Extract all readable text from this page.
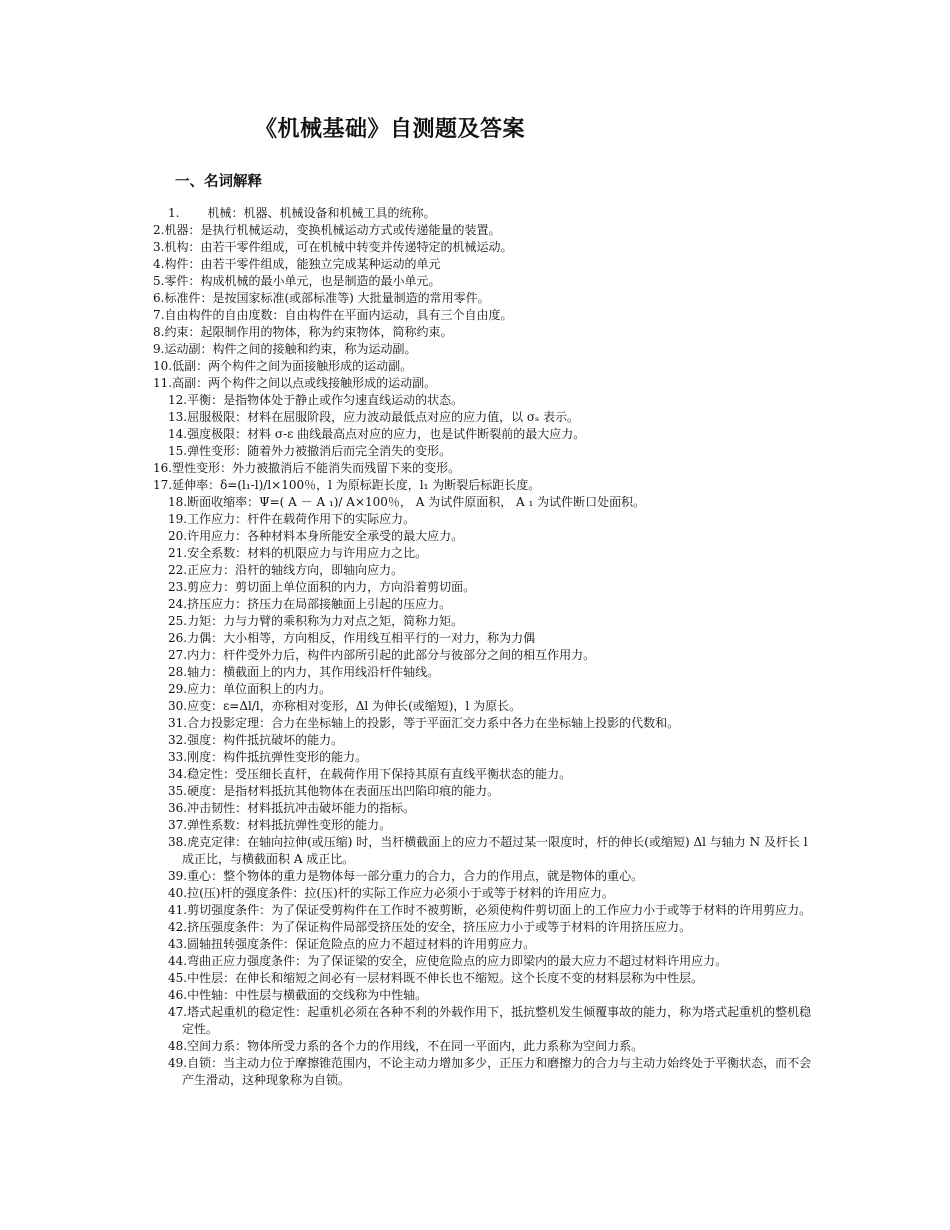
《机械基础》自测题及答案
一、名词解释
1. 机械：机器、机械设备和机械工具的统称。
2.机器：是执行机械运动，变换机械运动方式或传递能量的装置。
3.机构：由若干零件组成，可在机械中转变并传递特定的机械运动。
4.构件：由若干零件组成，能独立完成某种运动的单元
5.零件：构成机械的最小单元，也是制造的最小单元。
6.标准件：是按国家标准(或部标准等) 大批量制造的常用零件。
7.自由构件的自由度数：自由构件在平面内运动，具有三个自由度。
8.约束：起限制作用的物体，称为约束物体，简称约束。
9.运动副：构件之间的接触和约束，称为运动副。
10.低副：两个构件之间为面接触形成的运动副。
11.高副：两个构件之间以点或线接触形成的运动副。
12.平衡：是指物体处于静止或作匀速直线运动的状态。
13.屈服极限：材料在屈服阶段，应力波动最低点对应的应力值，以 σₛ 表示。
14.强度极限：材料 σ-ε 曲线最高点对应的应力，也是试件断裂前的最大应力。
15.弹性变形：随着外力被撤消后而完全消失的变形。
16.塑性变形：外力被撤消后不能消失而残留下来的变形。
17.延伸率：δ=(l₁-l)/l×100％，l 为原标距长度，l₁ 为断裂后标距长度。
18.断面收缩率：Ψ=( A － A ₁)/ A×100％， A 为试件原面积， A ₁ 为试件断口处面积。
19.工作应力：杆件在载荷作用下的实际应力。
20.许用应力：各种材料本身所能安全承受的最大应力。
21.安全系数：材料的机限应力与许用应力之比。
22.正应力：沿杆的轴线方向，即轴向应力。
23.剪应力：剪切面上单位面积的内力，方向沿着剪切面。
24.挤压应力：挤压力在局部接触面上引起的压应力。
25.力矩：力与力臂的乘积称为力对点之矩，简称力矩。
26.力偶：大小相等，方向相反，作用线互相平行的一对力，称为力偶
27.内力：杆件受外力后，构件内部所引起的此部分与彼部分之间的相互作用力。
28.轴力：横截面上的内力，其作用线沿杆件轴线。
29.应力：单位面积上的内力。
30.应变：ε=Δl/l，亦称相对变形，Δl 为伸长(或缩短)，l 为原长。
31.合力投影定理：合力在坐标轴上的投影，等于平面汇交力系中各力在坐标轴上投影的代数和。
32.强度：构件抵抗破坏的能力。
33.刚度：构件抵抗弹性变形的能力。
34.稳定性：受压细长直杆，在载荷作用下保持其原有直线平衡状态的能力。
35.硬度：是指材料抵抗其他物体在表面压出凹陷印痕的能力。
36.冲击韧性：材料抵抗冲击破坏能力的指标。
37.弹性系数：材料抵抗弹性变形的能力。
38.虎克定律：在轴向拉伸(或压缩) 时，当杆横截面上的应力不超过某一限度时，杆的伸长(或缩短) Δl 与轴力 N 及杆长 l 成正比，与横截面积 A 成正比。
39.重心：整个物体的重力是物体每一部分重力的合力，合力的作用点，就是物体的重心。
40.拉(压)杆的强度条件：拉(压)杆的实际工作应力必须小于或等于材料的许用应力。
41.剪切强度条件：为了保证受剪构件在工作时不被剪断，必须使构件剪切面上的工作应力小于或等于材料的许用剪应力。
42.挤压强度条件：为了保证构件局部受挤压处的安全，挤压应力小于或等于材料的许用挤压应力。
43.圆轴扭转强度条件：保证危险点的应力不超过材料的许用剪应力。
44.弯曲正应力强度条件：为了保证梁的安全，应使危险点的应力即梁内的最大应力不超过材料许用应力。
45.中性层：在伸长和缩短之间必有一层材料既不伸长也不缩短。这个长度不变的材料层称为中性层。
46.中性轴：中性层与横截面的交线称为中性轴。
47.塔式起重机的稳定性：起重机必须在各种不利的外载作用下，抵抗整机发生倾覆事故的能力，称为塔式起重机的整机稳定性。
48.空间力系：物体所受力系的各个力的作用线，不在同一平面内，此力系称为空间力系。
49.自锁：当主动力位于摩擦锥范围内，不论主动力增加多少，正压力和磨擦力的合力与主动力始终处于平衡状态，而不会产生滑动，这种现象称为自锁。
